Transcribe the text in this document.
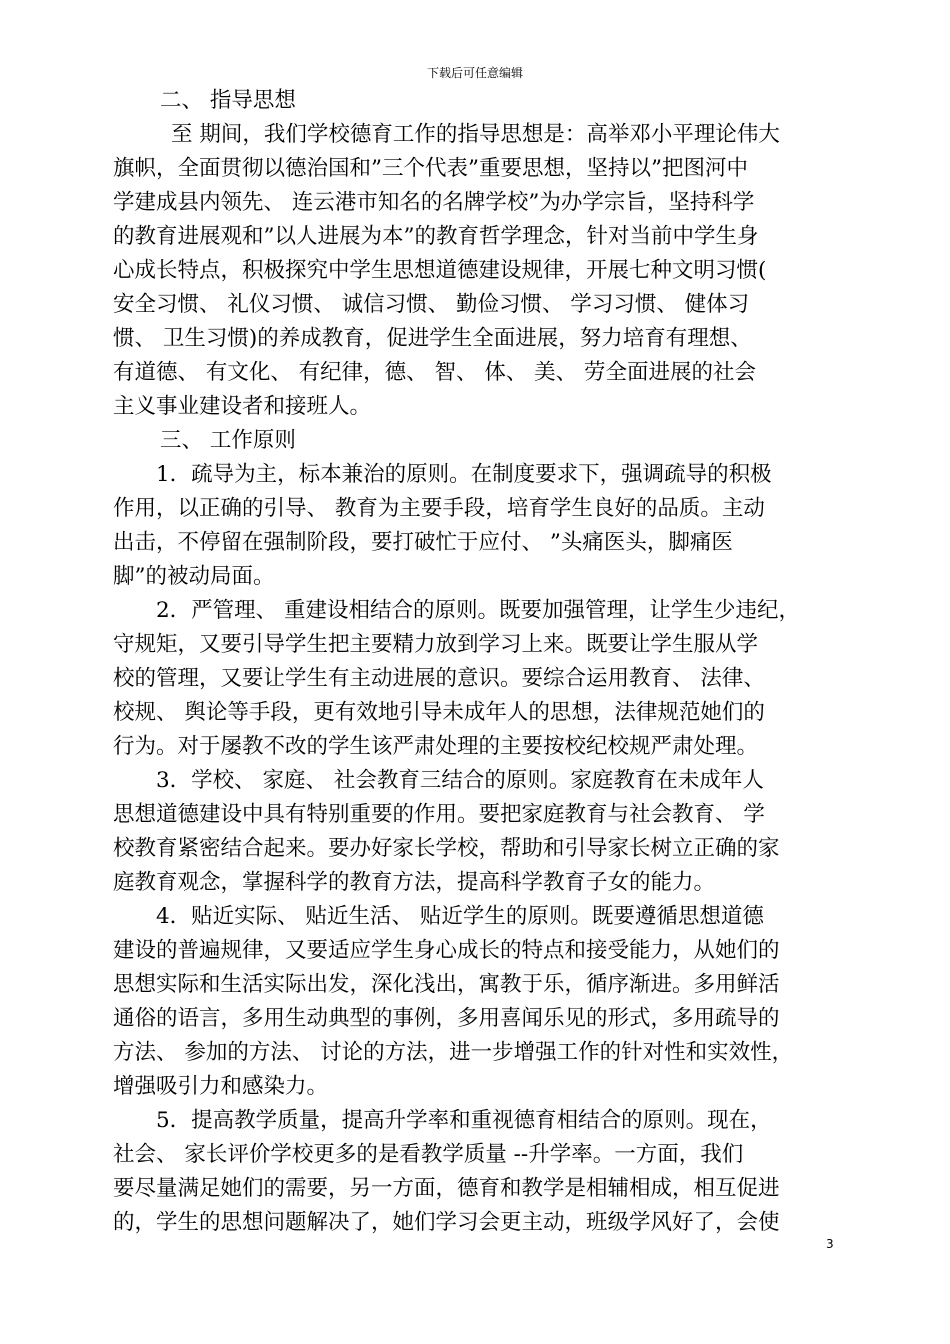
下载后可任意编辑

二、 指导思想

至 期间，我们学校德育工作的指导思想是：高举邓小平理论伟大
旗帜，全面贯彻以德治国和”三个代表”重要思想，坚持以”把图河中
学建成县内领先、 连云港市知名的名牌学校”为办学宗旨，坚持科学
的教育进展观和”以人进展为本”的教育哲学理念，针对当前中学生身
心成长特点，积极探究中学生思想道德建设规律，开展七种文明习惯(
安全习惯、 礼仪习惯、 诚信习惯、 勤俭习惯、 学习习惯、 健体习
惯、 卫生习惯)的养成教育，促进学生全面进展，努力培育有理想、
有道德、 有文化、 有纪律，德、 智、 体、 美、 劳全面进展的社会
主义事业建设者和接班人。

三、 工作原则

1．疏导为主，标本兼治的原则。在制度要求下，强调疏导的积极
作用，以正确的引导、 教育为主要手段，培育学生良好的品质。主动
出击，不停留在强制阶段，要打破忙于应付、 ”头痛医头，脚痛医
脚”的被动局面。
2．严管理、 重建设相结合的原则。既要加强管理，让学生少违纪，
守规矩，又要引导学生把主要精力放到学习上来。既要让学生服从学
校的管理，又要让学生有主动进展的意识。要综合运用教育、 法律、
校规、 舆论等手段，更有效地引导未成年人的思想，法律规范她们的
行为。对于屡教不改的学生该严肃处理的主要按校纪校规严肃处理。
3．学校、 家庭、 社会教育三结合的原则。家庭教育在未成年人
思想道德建设中具有特别重要的作用。要把家庭教育与社会教育、 学
校教育紧密结合起来。要办好家长学校，帮助和引导家长树立正确的家
庭教育观念，掌握科学的教育方法，提高科学教育子女的能力。
4．贴近实际、 贴近生活、 贴近学生的原则。既要遵循思想道德
建设的普遍规律，又要适应学生身心成长的特点和接受能力，从她们的
思想实际和生活实际出发，深化浅出，寓教于乐，循序渐进。多用鲜活
通俗的语言，多用生动典型的事例，多用喜闻乐见的形式，多用疏导的
方法、 参加的方法、 讨论的方法，进一步增强工作的针对性和实效性，
增强吸引力和感染力。
5．提高教学质量，提高升学率和重视德育相结合的原则。现在，
社会、 家长评价学校更多的是看教学质量 --升学率。一方面，我们
要尽量满足她们的需要，另一方面，德育和教学是相辅相成，相互促进
的，学生的思想问题解决了，她们学习会更主动，班级学风好了，会使
3
